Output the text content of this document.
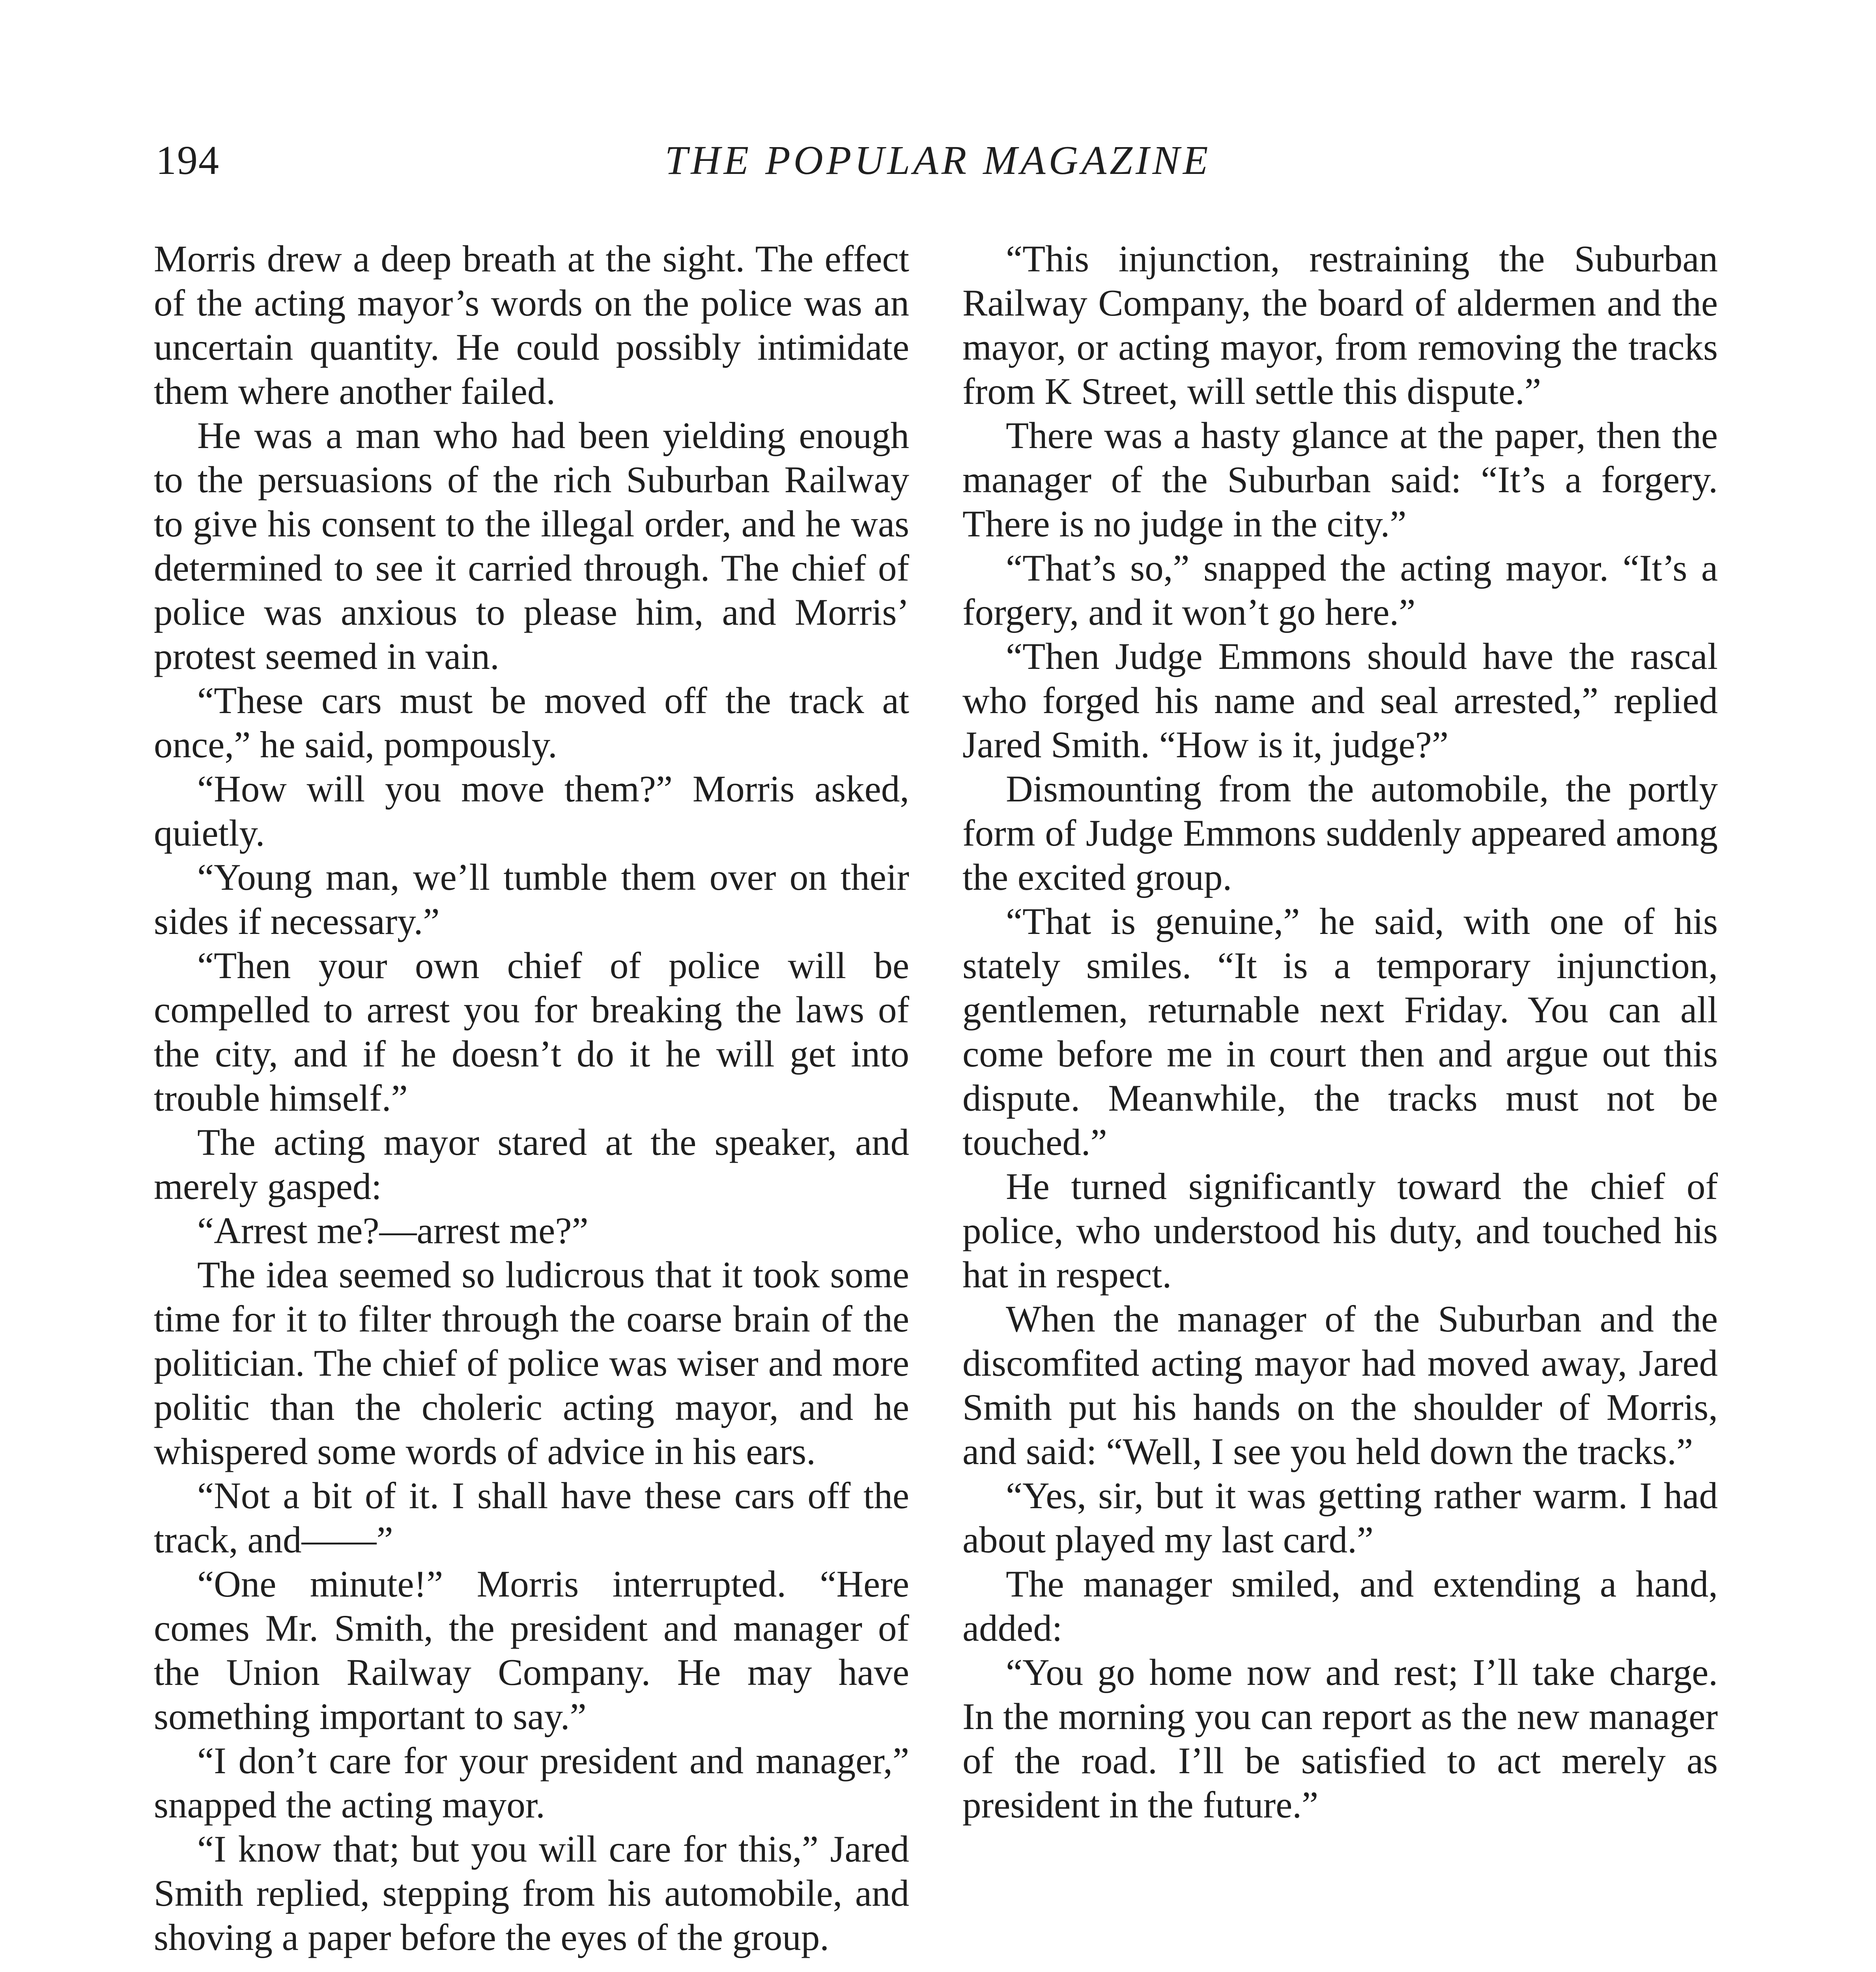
194	THE POPULAR MAGAZINE

Morris drew a deep breath at the sight. The effect of the acting mayor’s words on the police was an uncertain quantity. He could possibly intimidate them where another failed.

He was a man who had been yielding enough to the persuasions of the rich Suburban Railway to give his consent to the illegal order, and he was determined to see it carried through. The chief of police was anxious to please him, and Morris’ protest seemed in vain.

“These cars must be moved off the track at once,” he said, pompously.

“How will you move them?” Morris asked, quietly.

“Young man, we’ll tumble them over on their sides if necessary.”

“Then your own chief of police will be compelled to arrest you for breaking the laws of the city, and if he doesn’t do it he will get into trouble himself.”

The acting mayor stared at the speaker, and merely gasped:

“Arrest me?—arrest me?”

The idea seemed so ludicrous that it took some time for it to filter through the coarse brain of the politician. The chief of police was wiser and more politic than the choleric acting mayor, and he whispered some words of advice in his ears.

“Not a bit of it. I shall have these cars off the track, and——”

“One minute!” Morris interrupted. “Here comes Mr. Smith, the president and manager of the Union Railway Company. He may have something important to say.”

“I don’t care for your president and manager,” snapped the acting mayor.

“I know that; but you will care for this,” Jared Smith replied, stepping from his automobile, and shoving a paper before the eyes of the group.

“This injunction, restraining the Suburban Railway Company, the board of aldermen and the mayor, or acting mayor, from removing the tracks from K Street, will settle this dispute.”

There was a hasty glance at the paper, then the manager of the Suburban said: “It’s a forgery. There is no judge in the city.”

“That’s so,” snapped the acting mayor. “It’s a forgery, and it won’t go here.”

“Then Judge Emmons should have the rascal who forged his name and seal arrested,” replied Jared Smith. “How is it, judge?”

Dismounting from the automobile, the portly form of Judge Emmons suddenly appeared among the excited group.

“That is genuine,” he said, with one of his stately smiles. “It is a temporary injunction, gentlemen, returnable next Friday. You can all come before me in court then and argue out this dispute. Meanwhile, the tracks must not be touched.”

He turned significantly toward the chief of police, who understood his duty, and touched his hat in respect.

When the manager of the Suburban and the discomfited acting mayor had moved away, Jared Smith put his hands on the shoulder of Morris, and said: “Well, I see you held down the tracks.”

“Yes, sir, but it was getting rather warm. I had about played my last card.”

The manager smiled, and extending a hand, added:

“You go home now and rest; I’ll take charge. In the morning you can report as the new manager of the road. I’ll be satisfied to act merely as president in the future.”
